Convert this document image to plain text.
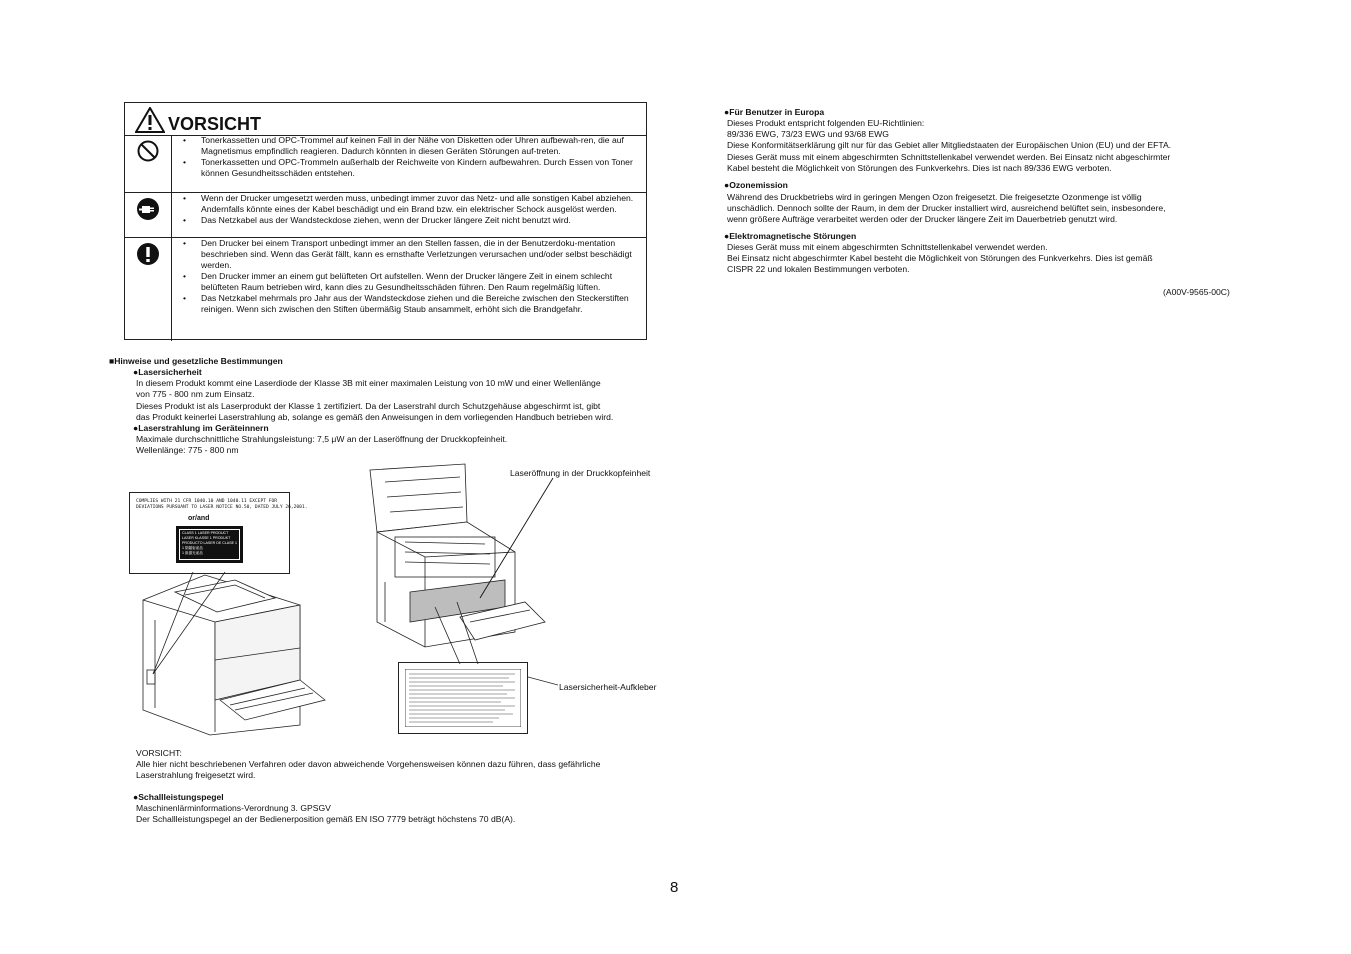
VORSICHT
• Tonerkassetten und OPC-Trommel auf keinen Fall in der Nähe von Disketten oder Uhren aufbewah-ren, die auf Magnetismus empfindlich reagieren. Dadurch könnten in diesen Geräten Störungen auf-treten.
• Tonerkassetten und OPC-Trommeln außerhalb der Reichweite von Kindern aufbewahren. Durch Essen von Toner können Gesundheitsschäden entstehen.
• Wenn der Drucker umgesetzt werden muss, unbedingt immer zuvor das Netz- und alle sonstigen Kabel abziehen. Andernfalls könnte eines der Kabel beschädigt und ein Brand bzw. ein elektrischer Schock ausgelöst werden.
• Das Netzkabel aus der Wandsteckdose ziehen, wenn der Drucker längere Zeit nicht benutzt wird.
• Den Drucker bei einem Transport unbedingt immer an den Stellen fassen, die in der Benutzerdoku-mentation beschrieben sind. Wenn das Gerät fällt, kann es ernsthafte Verletzungen verursachen und/oder selbst beschädigt werden.
• Den Drucker immer an einem gut belüfteten Ort aufstellen. Wenn der Drucker längere Zeit in einem schlecht belüfteten Raum betrieben wird, kann dies zu Gesundheitsschäden führen. Den Raum regelmäßig lüften.
• Das Netzkabel mehrmals pro Jahr aus der Wandsteckdose ziehen und die Bereiche zwischen den Steckerstiften reinigen. Wenn sich zwischen den Stiften übermäßig Staub ansammelt, erhöht sich die Brandgefahr.
■Hinweise und gesetzliche Bestimmungen
●Lasersicherheit
In diesem Produkt kommt eine Laserdiode der Klasse 3B mit einer maximalen Leistung von 10 mW und einer Wellenlänge
von 775 - 800 nm zum Einsatz.
Dieses Produkt ist als Laserprodukt der Klasse 1 zertifiziert. Da der Laserstrahl durch Schutzgehäuse abgeschirmt ist, gibt
das Produkt keinerlei Laserstrahlung ab, solange es gemäß den Anweisungen in dem vorliegenden Handbuch betrieben wird.
●Laserstrahlung im Geräteinnern
Maximale durchschnittliche Strahlungsleistung: 7,5 μW an der Laseröffnung der Druckkopfeinheit.
Wellenlänge: 775 - 800 nm
COMPLIES WITH 21 CFR 1040.10 AND 1040.11 EXCEPT FOR
DEVIATIONS PURSUANT TO LASER NOTICE NO.50, DATED JULY 26,2001.
or/and
CLASS 1 LASER PRODUCT
LASER KLASSE 1 PRODUKT
PRODUCTO LASER DE CLASE 1
1 類鐳射產品
1 級激光產品
Laseröffnung in der Druckkopfeinheit
Lasersicherheit-Aufkleber
VORSICHT:
Alle hier nicht beschriebenen Verfahren oder davon abweichende Vorgehensweisen können dazu führen, dass gefährliche
Laserstrahlung freigesetzt wird.
●Schallleistungspegel
Maschinenlärminformations-Verordnung 3. GPSGV
Der Schallleistungspegel an der Bedienerposition gemäß EN ISO 7779 beträgt höchstens 70 dB(A).
●Für Benutzer in Europa
Dieses Produkt entspricht folgenden EU-Richtlinien:
89/336 EWG, 73/23 EWG und 93/68 EWG
Diese Konformitätserklärung gilt nur für das Gebiet aller Mitgliedstaaten der Europäischen Union (EU) und der EFTA.
Dieses Gerät muss mit einem abgeschirmten Schnittstellenkabel verwendet werden. Bei Einsatz nicht abgeschirmter
Kabel besteht die Möglichkeit von Störungen des Funkverkehrs. Dies ist nach 89/336 EWG verboten.
●Ozonemission
Während des Druckbetriebs wird in geringen Mengen Ozon freigesetzt. Die freigesetzte Ozonmenge ist völlig
unschädlich. Dennoch sollte der Raum, in dem der Drucker installiert wird, ausreichend belüftet sein, insbesondere,
wenn größere Aufträge verarbeitet werden oder der Drucker längere Zeit im Dauerbetrieb genutzt wird.
●Elektromagnetische Störungen
Dieses Gerät muss mit einem abgeschirmten Schnittstellenkabel verwendet werden.
Bei Einsatz nicht abgeschirmter Kabel besteht die Möglichkeit von Störungen des Funkverkehrs. Dies ist gemäß
CISPR 22 und lokalen Bestimmungen verboten.
(A00V-9565-00C)
8
